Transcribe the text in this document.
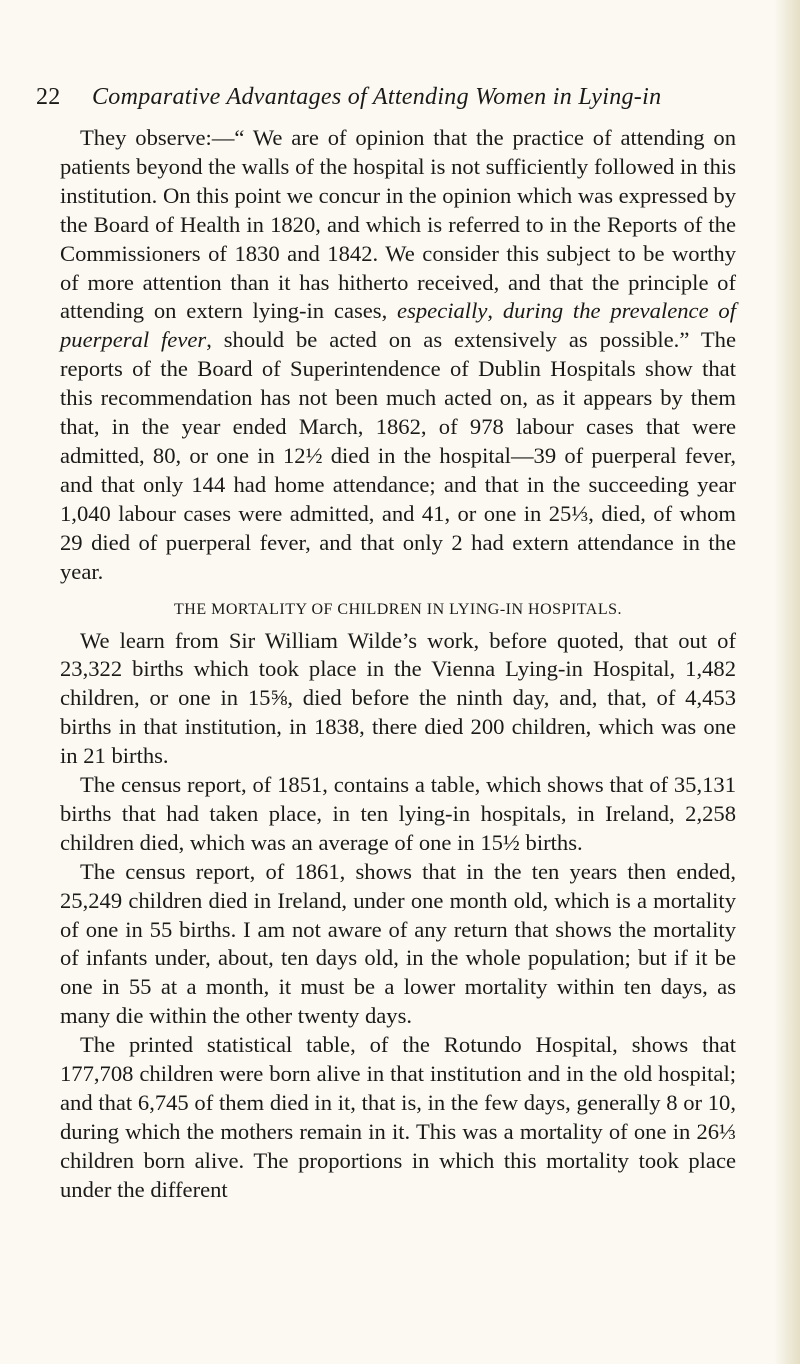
22 Comparative Advantages of Attending Women in Lying-in

They observe:—“ We are of opinion that the practice of attending on patients beyond the walls of the hospital is not sufficiently followed in this institution. On this point we concur in the opinion which was expressed by the Board of Health in 1820, and which is referred to in the Reports of the Commissioners of 1830 and 1842. We consider this subject to be worthy of more attention than it has hitherto received, and that the principle of attending on extern lying-in cases, especially, during the prevalence of puerperal fever, should be acted on as extensively as possible.” The reports of the Board of Superintendence of Dublin Hospitals show that this recommendation has not been much acted on, as it appears by them that, in the year ended March, 1862, of 978 labour cases that were admitted, 80, or one in 12½ died in the hospital—39 of puerperal fever, and that only 144 had home attendance; and that in the succeeding year 1,040 labour cases were admitted, and 41, or one in 25⅓, died, of whom 29 died of puerperal fever, and that only 2 had extern attendance in the year.

THE MORTALITY OF CHILDREN IN LYING-IN HOSPITALS.

We learn from Sir William Wilde’s work, before quoted, that out of 23,322 births which took place in the Vienna Lying-in Hospital, 1,482 children, or one in 15⅝, died before the ninth day, and, that, of 4,453 births in that institution, in 1838, there died 200 children, which was one in 21 births.

The census report, of 1851, contains a table, which shows that of 35,131 births that had taken place, in ten lying-in hospitals, in Ireland, 2,258 children died, which was an average of one in 15½ births.

The census report, of 1861, shows that in the ten years then ended, 25,249 children died in Ireland, under one month old, which is a mortality of one in 55 births. I am not aware of any return that shows the mortality of infants under, about, ten days old, in the whole population; but if it be one in 55 at a month, it must be a lower mortality within ten days, as many die within the other twenty days.

The printed statistical table, of the Rotundo Hospital, shows that 177,708 children were born alive in that institution and in the old hospital; and that 6,745 of them died in it, that is, in the few days, generally 8 or 10, during which the mothers remain in it. This was a mortality of one in 26⅓ children born alive. The proportions in which this mortality took place under the different
